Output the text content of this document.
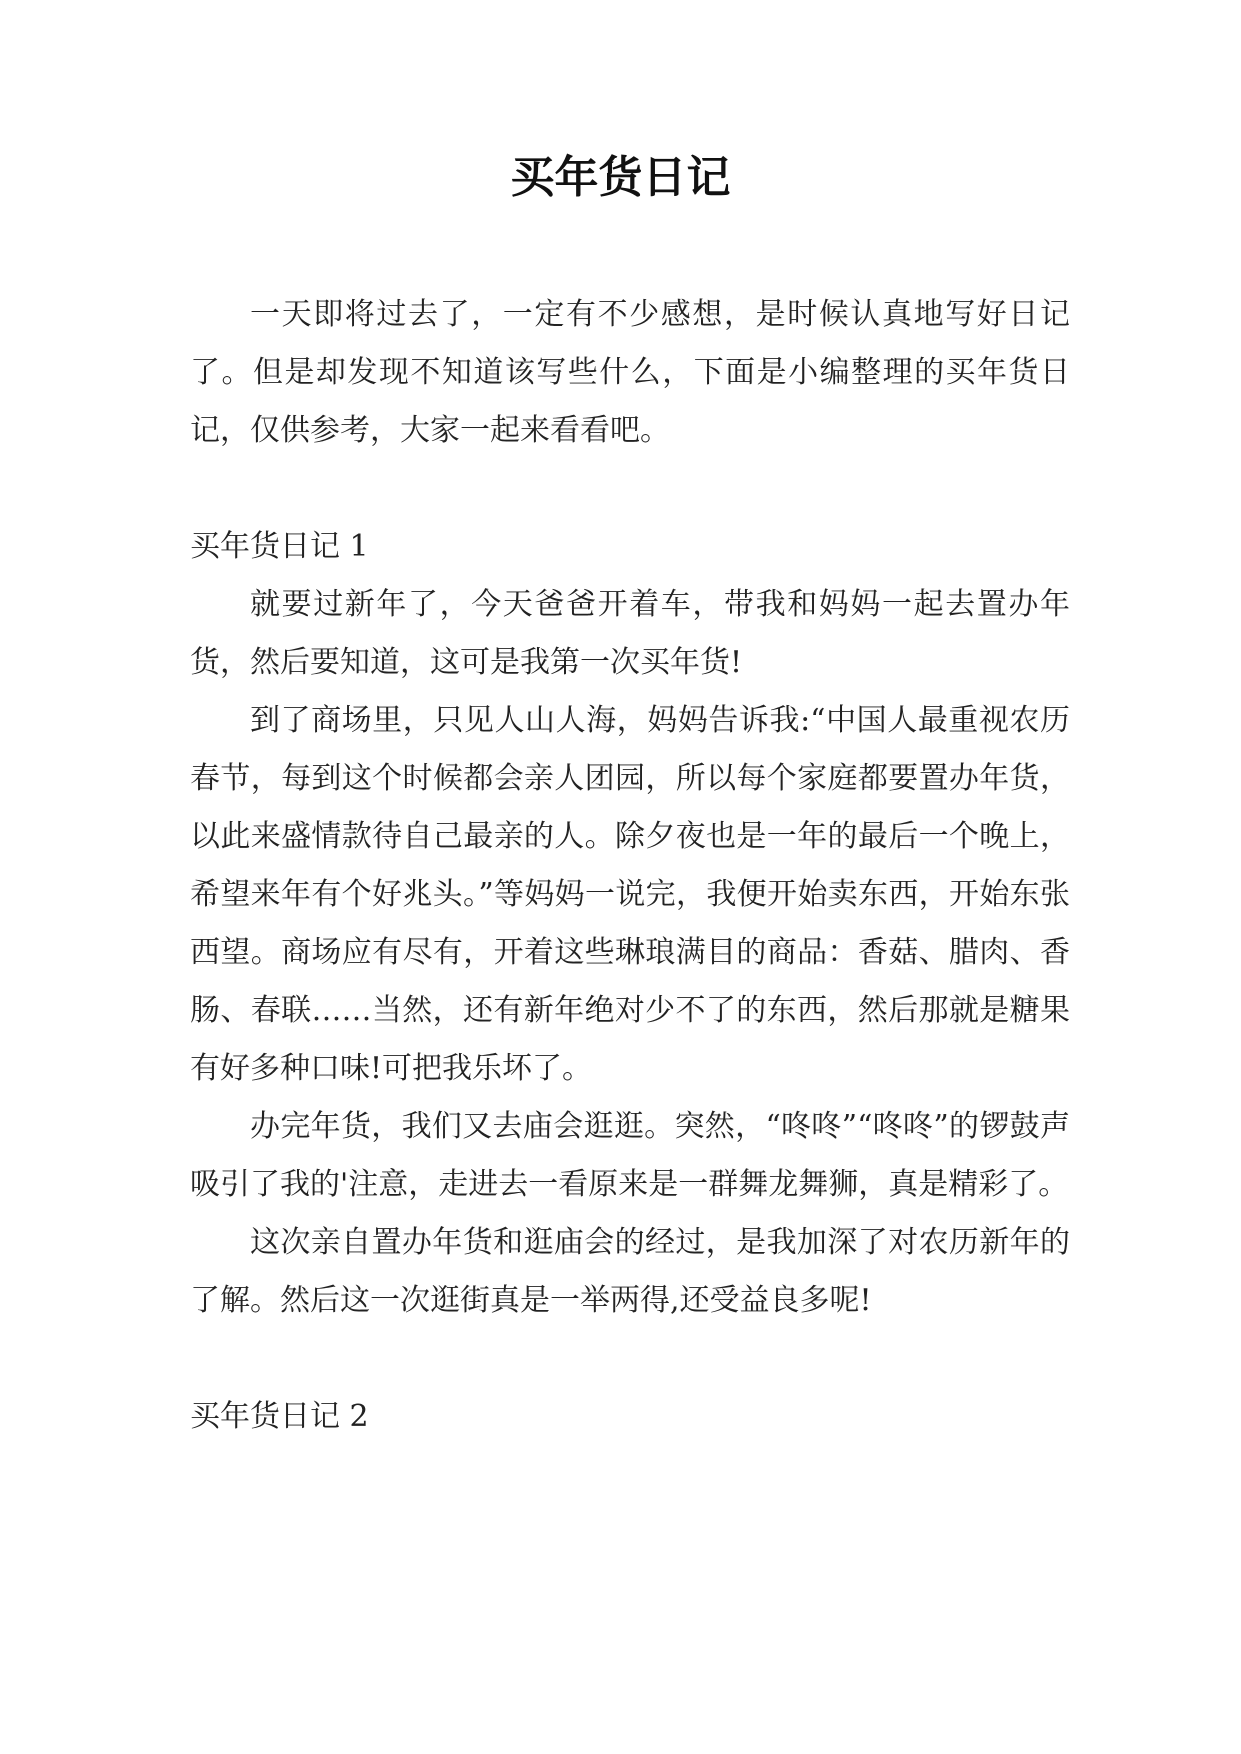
买年货日记

一天即将过去了，一定有不少感想，是时候认真地写好日记了。但是却发现不知道该写些什么，下面是小编整理的买年货日记，仅供参考，大家一起来看看吧。

买年货日记 1

就要过新年了，今天爸爸开着车，带我和妈妈一起去置办年货，然后要知道，这可是我第一次买年货!

到了商场里，只见人山人海，妈妈告诉我:“中国人最重视农历春节，每到这个时候都会亲人团园，所以每个家庭都要置办年货，以此来盛情款待自己最亲的人。除夕夜也是一年的最后一个晚上，希望来年有个好兆头。”等妈妈一说完，我便开始卖东西，开始东张西望。商场应有尽有，开着这些琳琅满目的商品：香菇、腊肉、香肠、春联……当然，还有新年绝对少不了的东西，然后那就是糖果有好多种口味!可把我乐坏了。

办完年货，我们又去庙会逛逛。突然，“咚咚”“咚咚”的锣鼓声吸引了我的'注意，走进去一看原来是一群舞龙舞狮，真是精彩了。

这次亲自置办年货和逛庙会的经过，是我加深了对农历新年的了解。然后这一次逛街真是一举两得,还受益良多呢!

买年货日记 2
